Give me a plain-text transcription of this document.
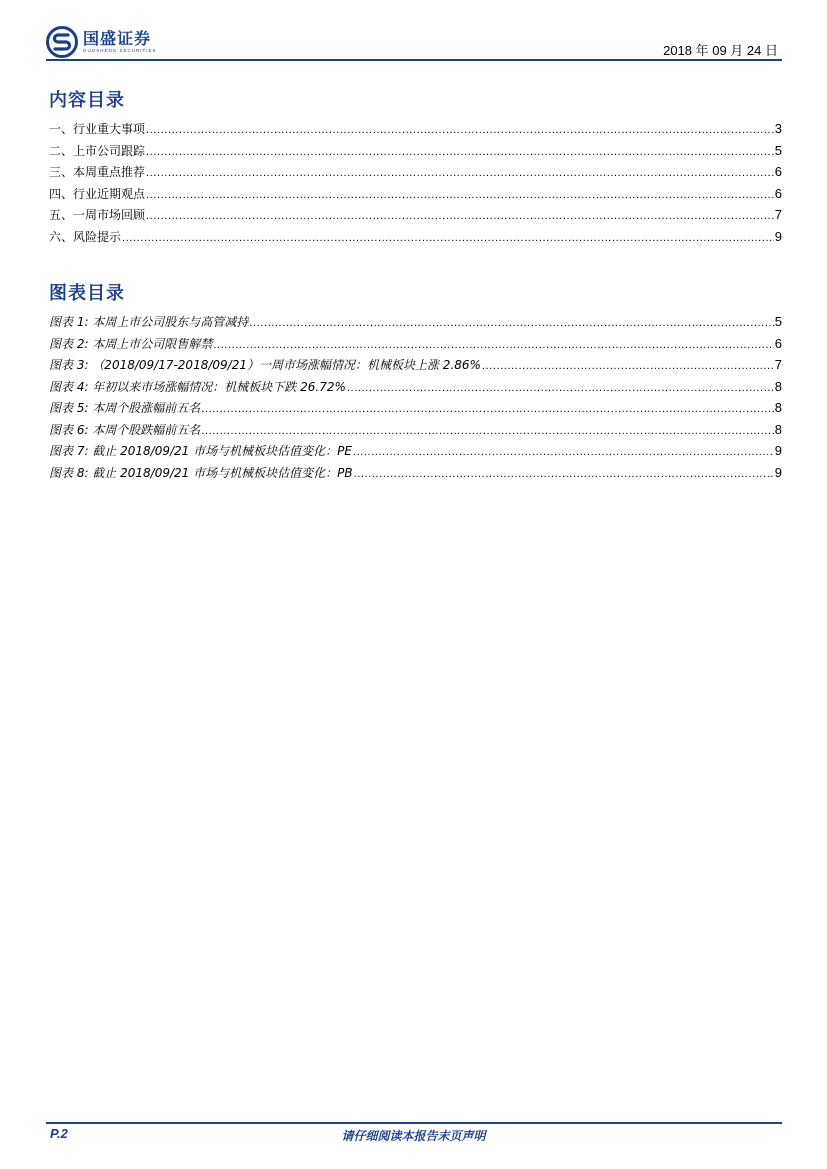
国盛证券
GUOSHENG SECURITIES	2018 年 09 月 24 日
内容目录
一、行业重大事项 .....	3
二、上市公司跟踪 .....	5
三、本周重点推荐 .....	6
四、行业近期观点 .....	6
五、一周市场回顾 .....	7
六、风险提示 .....	9
图表目录
图表 1: 本周上市公司股东与高管减持 .....	5
图表 2: 本周上市公司限售解禁 .....	6
图表 3: （2018/09/17-2018/09/21）一周市场涨幅情况：机械板块上涨 2.86% .....	7
图表 4: 年初以来市场涨幅情况：机械板块下跌 26.72% .....	8
图表 5: 本周个股涨幅前五名 .....	8
图表 6: 本周个股跌幅前五名 .....	8
图表 7: 截止 2018/09/21 市场与机械板块估值变化：PE .....	9
图表 8: 截止 2018/09/21 市场与机械板块估值变化：PB .....	9
P.2	请仔细阅读本报告末页声明
